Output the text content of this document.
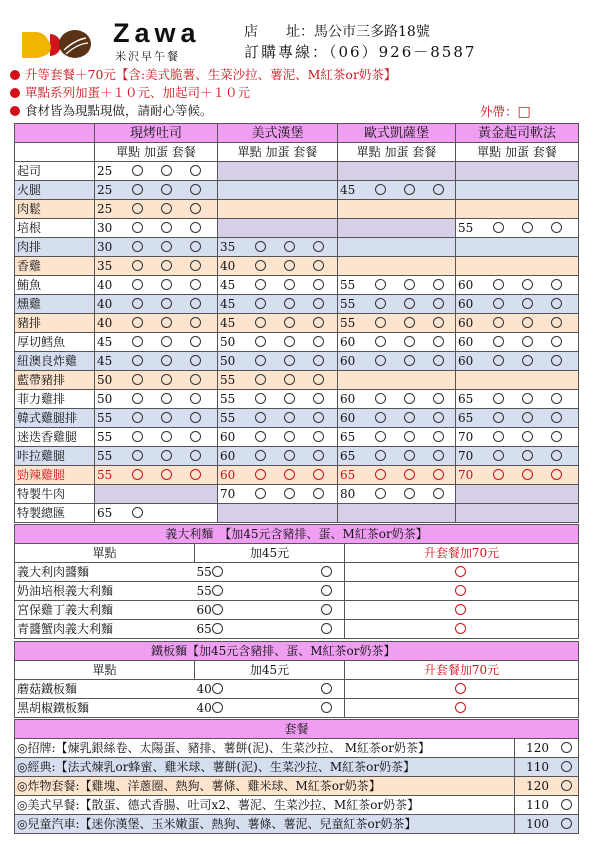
Zawa
米沢早午餐
店　　址：馬公市三多路18號
訂購專線：（06）926－8587
升等套餐＋70元【含:美式脆薯、生菜沙拉、薯泥、M紅茶or奶茶】
單點系列加蛋＋１０元、加起司＋１０元
食材皆為現點現做，請耐心等候。	外帶：□
	現烤吐司	美式漢堡	歐式凱薩堡	黃金起司軟法
	單點 加蛋 套餐	單點 加蛋 套餐	單點 加蛋 套餐	單點 加蛋 套餐
起司	25			
火腿	25		45	
肉鬆	25			
培根	30			55
肉排	30	35		
香雞	35	40		
鮪魚	40	45	55	60
燻雞	40	45	55	60
豬排	40	45	55	60
厚切鱈魚	45	50	60	60
紐澳良炸雞	45	50	60	60
藍帶豬排	50	55		
菲力雞排	50	55	60	65
韓式雞腿排	55	55	60	65
迷迭香雞腿	55	60	65	70
咔拉雞腿	55	60	65	70
勁辣雞腿	55	60	65	70
特製牛肉		70	80	
特製總匯	65			
義大利麵　【加45元含豬排、蛋、M紅茶or奶茶】		
單點	加45元	升套餐加70元
義大利肉醬麵	55	
奶油培根義大利麵	55	
宮保雞丁義大利麵	60	
青醬蟹肉義大利麵	65	
鐵板麵【加45元含豬排、蛋、M紅茶or奶茶】		
單點	加45元	升套餐加70元
蘑菇鐵板麵	40	
黑胡椒鐵板麵	40	
套餐	
◎招牌:【煉乳銀絲卷、太陽蛋、豬排、薯餅(泥)、生菜沙拉、 M紅茶or奶茶】	120
◎經典:【法式煉乳or蜂蜜、雞米球、薯餅(泥)、生菜沙拉、M紅茶or奶茶】	110
◎炸物套餐:【雞塊、洋蔥圈、熱狗、薯條、雞米球、M紅茶or奶茶】	120
◎美式早餐:【散蛋、德式香腸、吐司x2、薯泥、生菜沙拉、M紅茶or奶茶】	110
◎兒童汽車:【迷你漢堡、玉米嫩蛋、熱狗、薯條、薯泥、兒童紅茶or奶茶】	100
